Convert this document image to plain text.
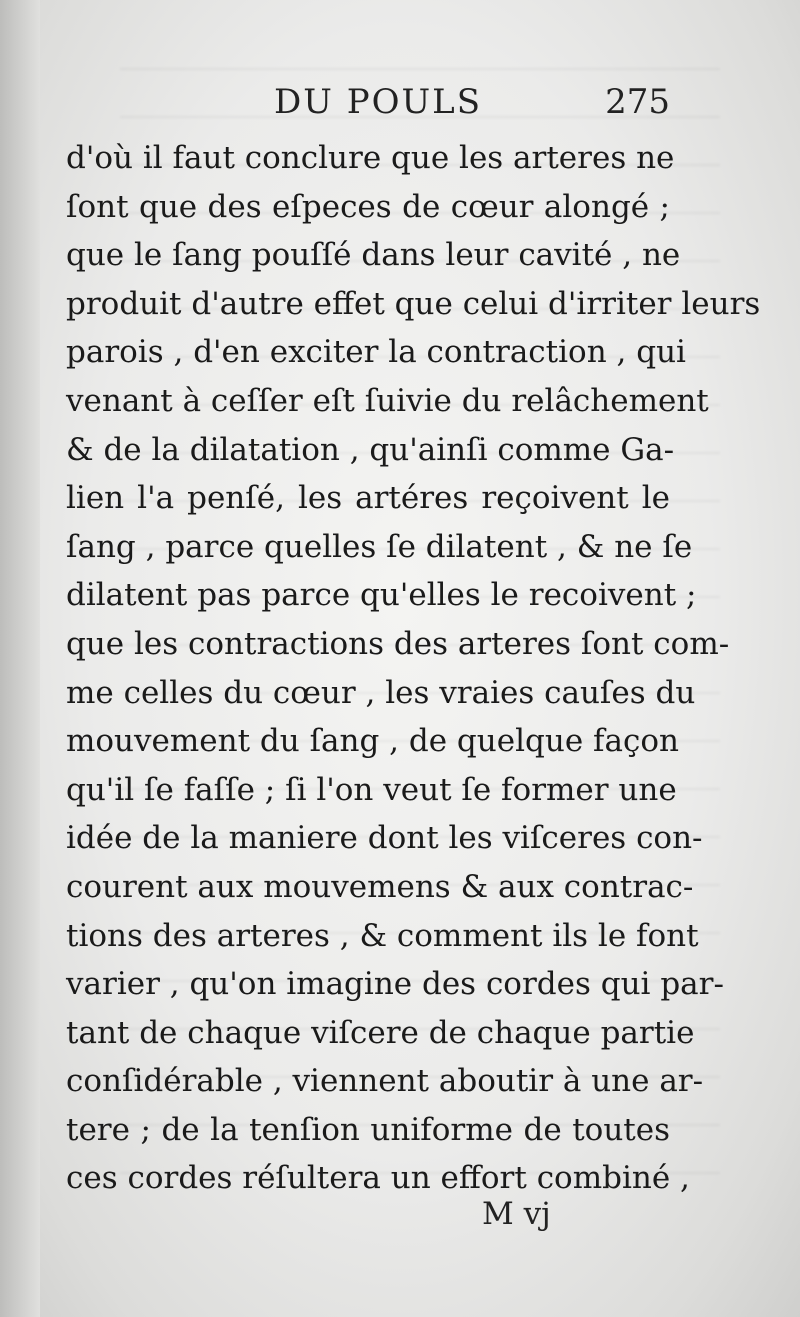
DU POULS	275
d'où il faut conclure que les arteres ne
ſont que des eſpeces de cœur alongé ;
que le ſang pouſſé dans leur cavité , ne
produit d'autre effet que celui d'irriter leurs
parois , d'en exciter la contraction , qui
venant à ceſſer eſt ſuivie du relâchement
& de la dilatation , qu'ainſi comme Ga-
lien l'a penſé, les artéres reçoivent le
ſang , parce quelles ſe dilatent , & ne ſe
dilatent pas parce qu'elles le recoivent ;
que les contractions des arteres ſont com-
me celles du cœur , les vraies cauſes du
mouvement du ſang , de quelque façon
qu'il ſe faſſe ; ſi l'on veut ſe former une
idée de la maniere dont les viſceres con-
courent aux mouvemens & aux contrac-
tions des arteres , & comment ils le font
varier , qu'on imagine des cordes qui par-
tant de chaque viſcere de chaque partie
conſidérable , viennent aboutir à une ar-
tere ; de la tenſion uniforme de toutes
ces cordes réſultera un effort combiné ,
M vj
